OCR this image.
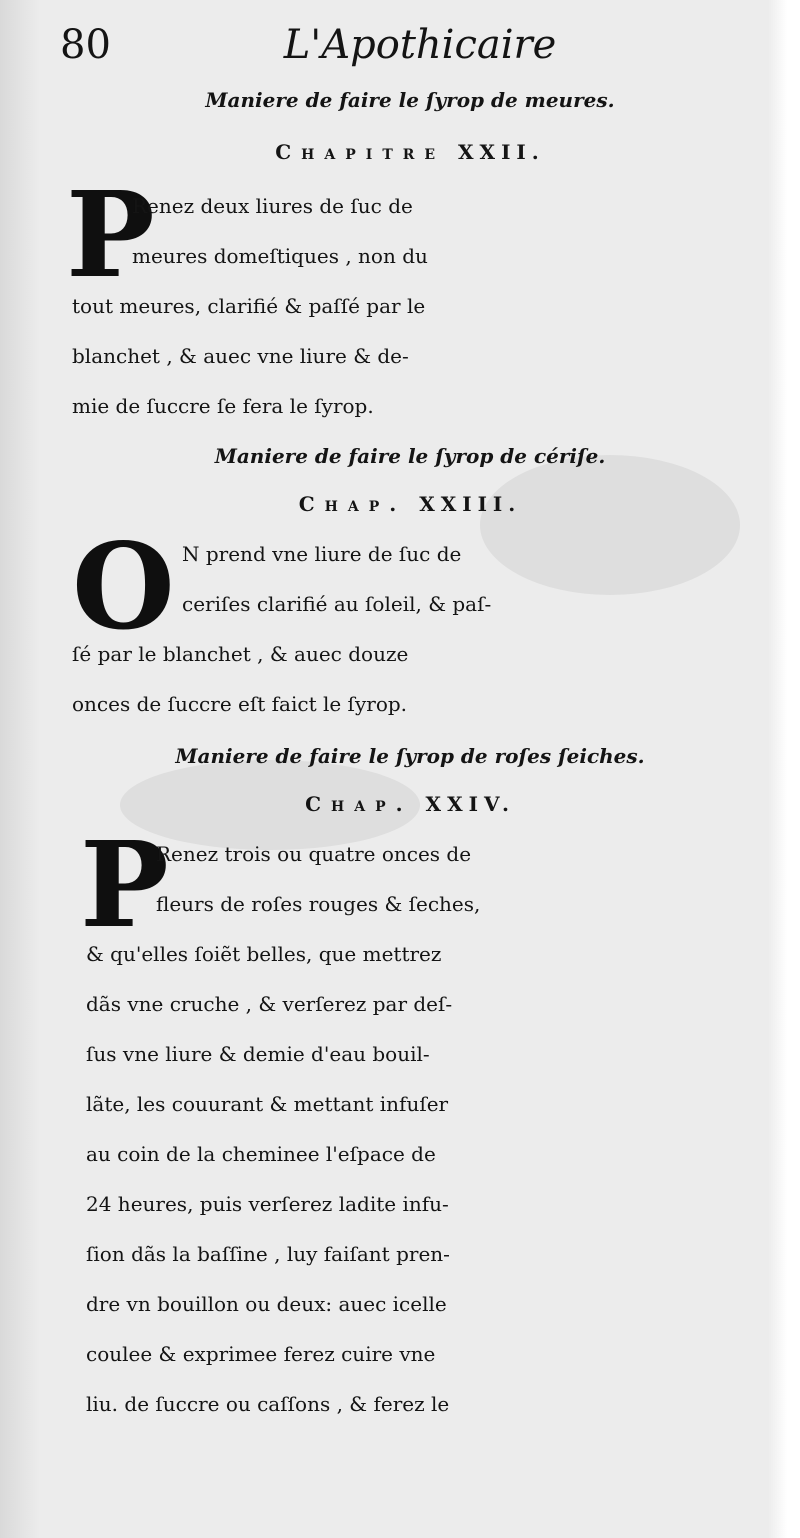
80	L'Apothicaire
Maniere de faire le ſyrop de meures.
Chapitre XXII.
P
Renez deux liures de ſuc de
meures domeſtiques , non du
tout meures, clarifié & paſſé par le
blanchet , & auec vne liure & de-
mie de ſuccre ſe fera le ſyrop.
Maniere de faire le ſyrop de cériſe.
Chap. XXIII.
O N prend vne liure de ſuc de
ceriſes clarifié au ſoleil, & paſ-
ſé par le blanchet , & auec douze
onces de ſuccre eſt faict le ſyrop.
Maniere de faire le ſyrop de roſes ſeiches.
Chap. XXIV.
P
Renez trois ou quatre onces de
fleurs de roſes rouges & ſeches,
& qu'elles ſoiẽt belles, que mettrez
dãs vne cruche , & verſerez par deſ-
ſus vne liure & demie d'eau bouil-
lãte, les couurant & mettant infuſer
au coin de la cheminee l'eſpace de
24 heures, puis verſerez ladite infu-
ſion dãs la baſſine , luy faiſant pren-
dre vn bouillon ou deux: auec icelle
coulee & exprimee ferez cuire vne
liu. de ſuccre ou caſſons , & ferez le
